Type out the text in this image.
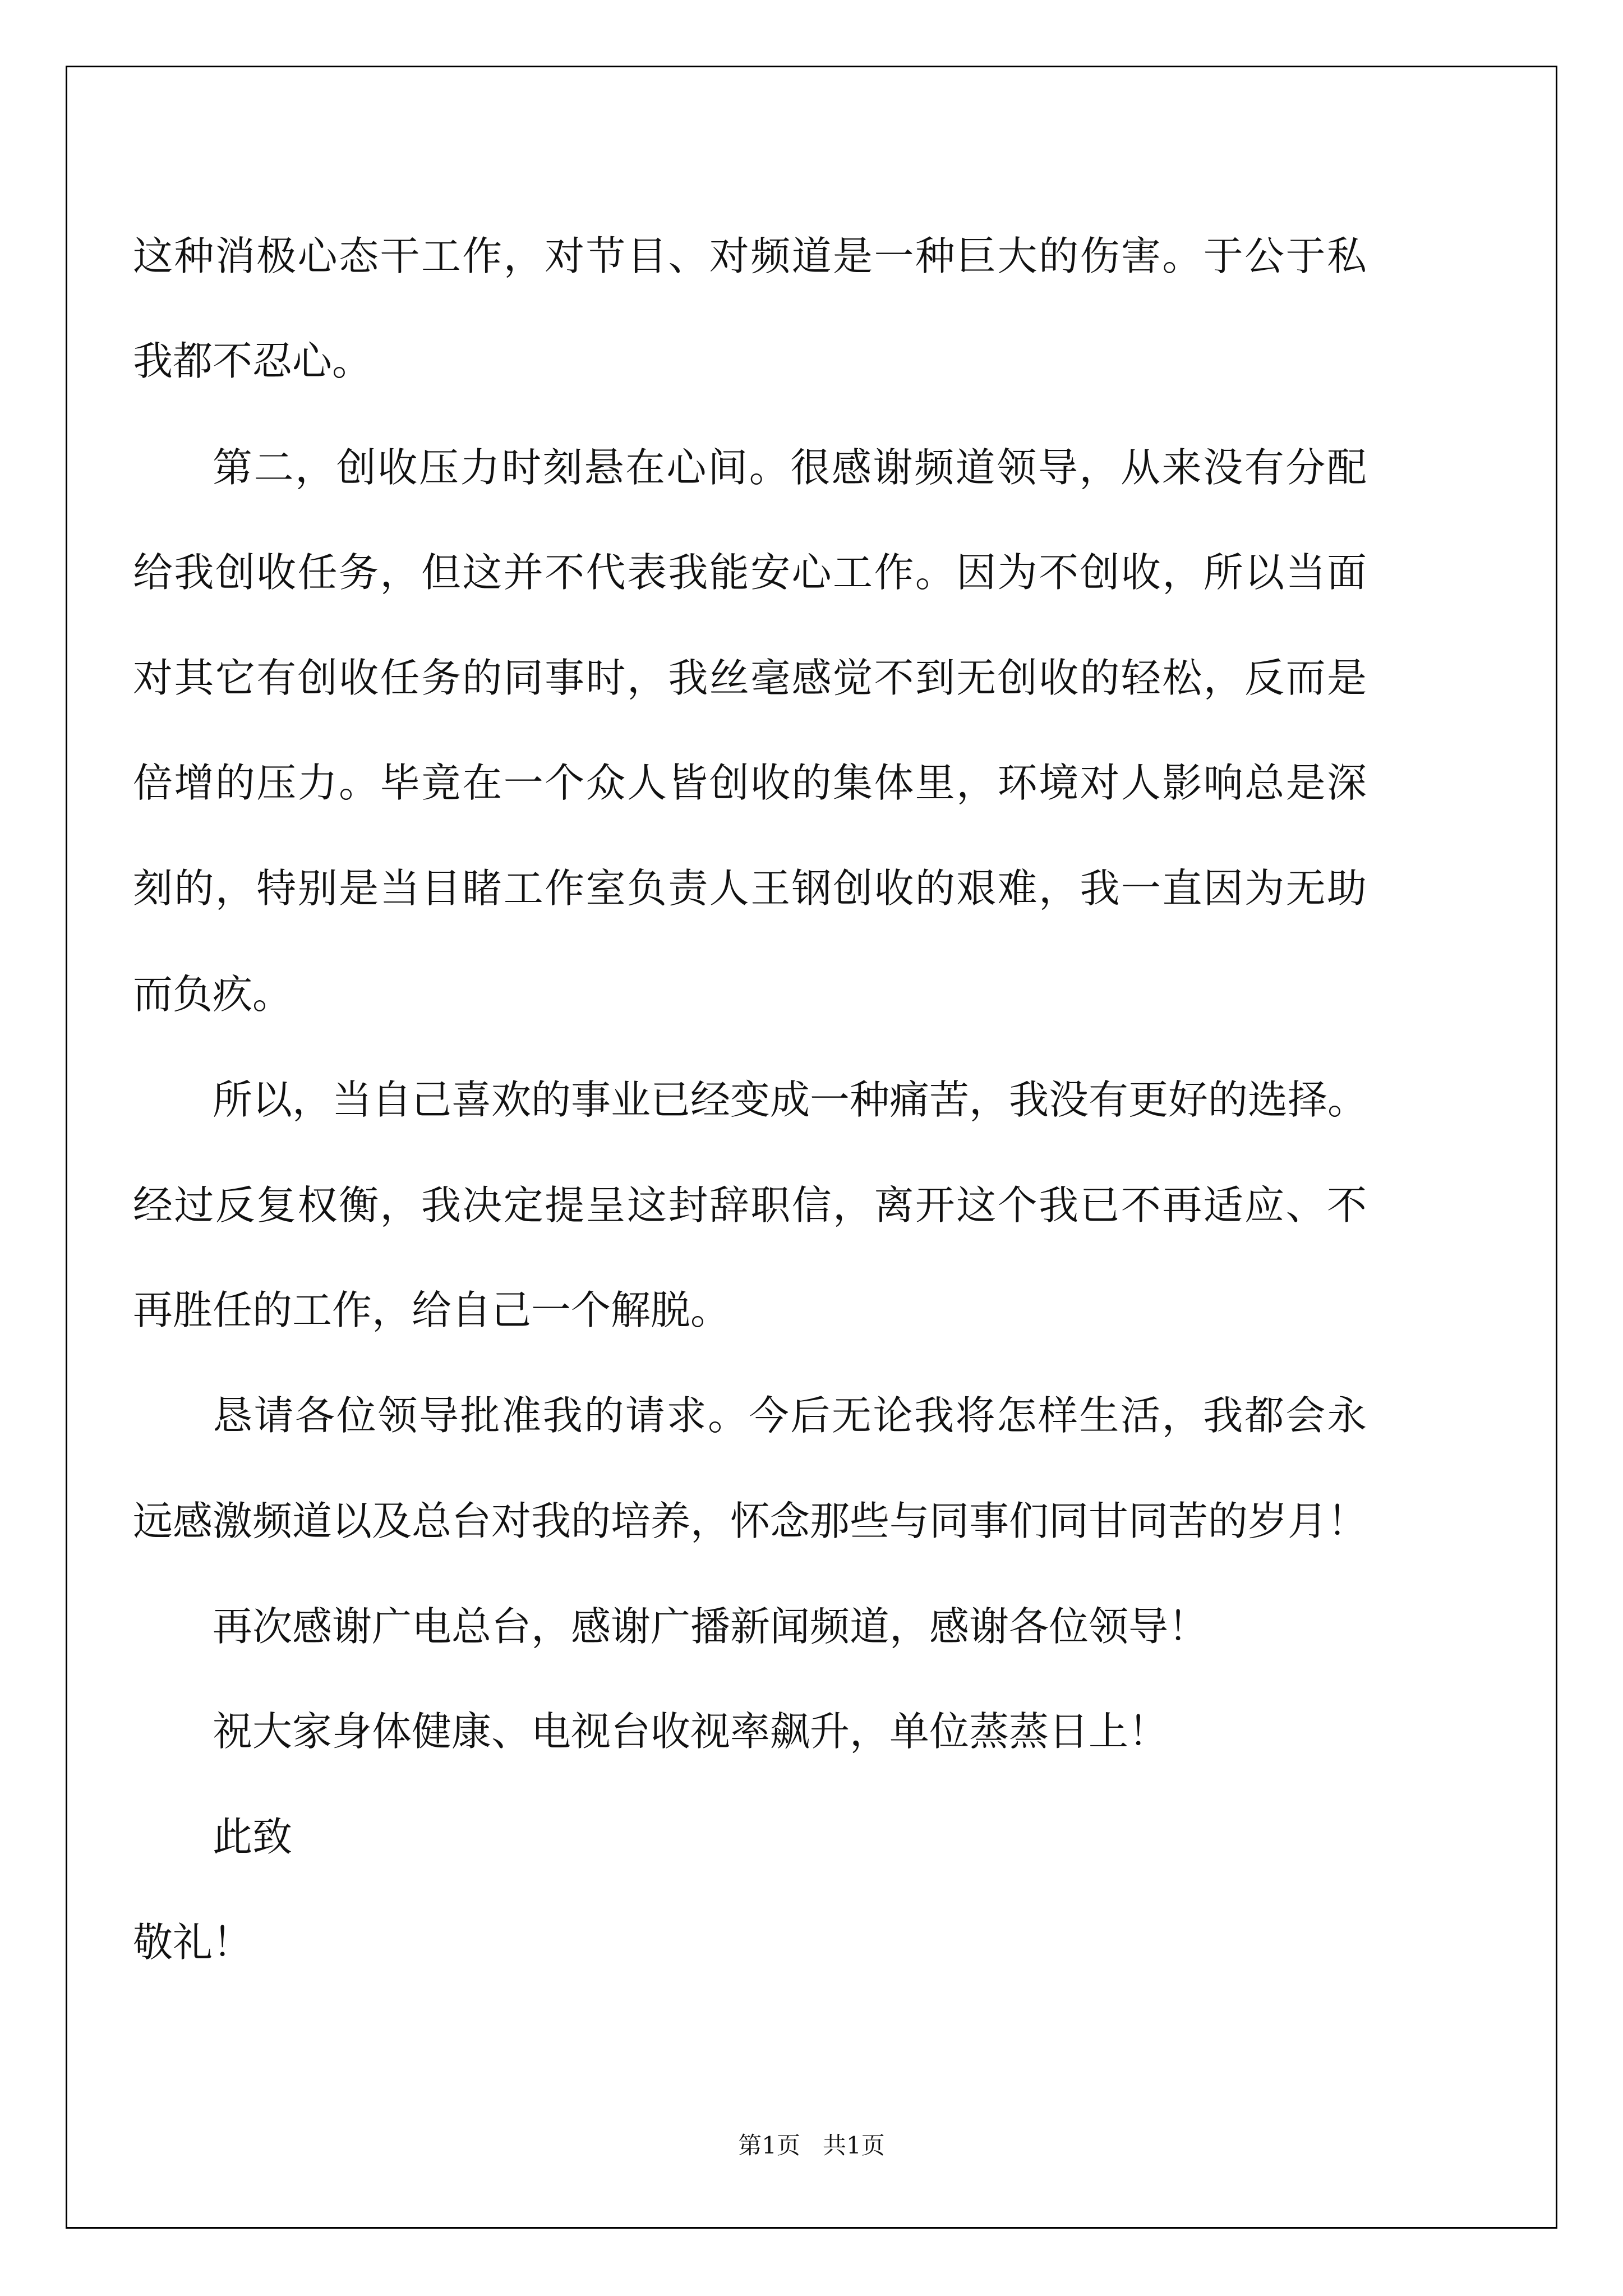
这种消极心态干工作，对节目、对频道是一种巨大的伤害。于公于私
我都不忍心。
第二，创收压力时刻悬在心间。很感谢频道领导，从来没有分配
给我创收任务，但这并不代表我能安心工作。因为不创收，所以当面
对其它有创收任务的同事时，我丝毫感觉不到无创收的轻松，反而是
倍增的压力。毕竟在一个众人皆创收的集体里，环境对人影响总是深
刻的，特别是当目睹工作室负责人王钢创收的艰难，我一直因为无助
而负疚。
所以，当自己喜欢的事业已经变成一种痛苦，我没有更好的选择。
经过反复权衡，我决定提呈这封辞职信，离开这个我已不再适应、不
再胜任的工作，给自己一个解脱。
恳请各位领导批准我的请求。今后无论我将怎样生活，我都会永
远感激频道以及总台对我的培养，怀念那些与同事们同甘同苦的岁月！
再次感谢广电总台，感谢广播新闻频道，感谢各位领导！
祝大家身体健康、电视台收视率飙升，单位蒸蒸日上！
此致
敬礼！
第1页 共1页
